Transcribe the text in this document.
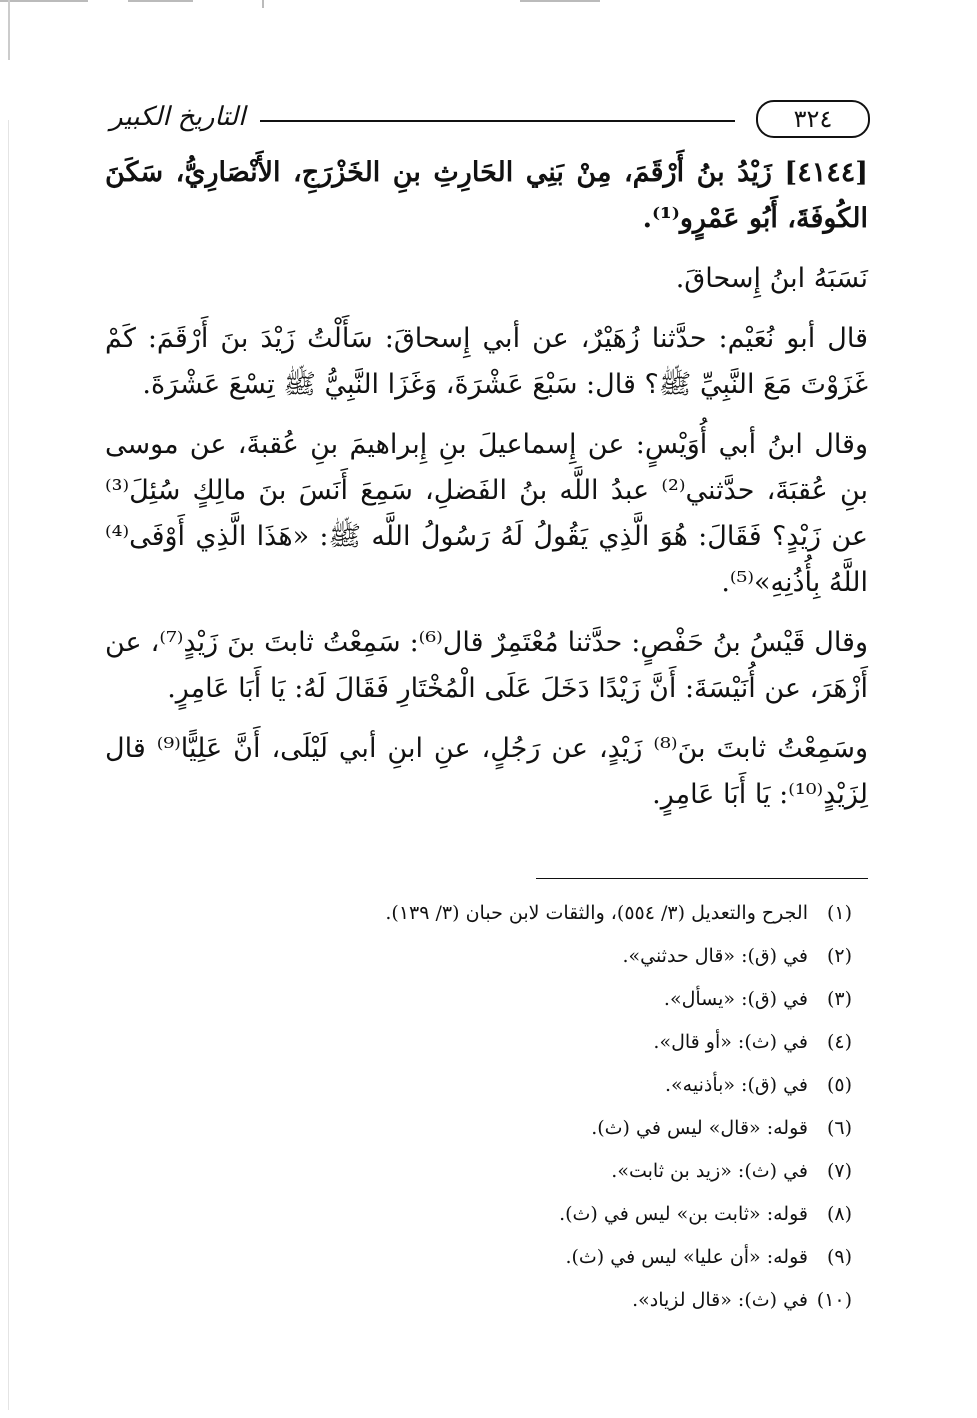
التاريخ الكبير	٣٢٤

[٤١٤٤] زَيْدُ بنُ أَرْقَمَ، مِنْ بَنِي الحَارِثِ بنِ الخَزْرَجِ، الأَنْصَارِيُّ، سَكَنَ الكُوفَةَ، أَبُو عَمْرٍو⁽¹⁾.

نَسَبَهُ ابنُ إِسحاقَ.

قال أبو نُعَيْم: حدَّثنا زُهَيْرٌ، عن أبي إِسحاقَ: سَأَلْتُ زَيْدَ بنَ أَرْقَمَ: كَمْ غَزَوْتَ مَعَ النَّبِيِّ ﷺ؟ قال: سَبْعَ عَشْرَةَ، وَغَزَا النَّبِيُّ ﷺ تِسْعَ عَشْرَةَ.

وقال ابنُ أبي أُوَيْسٍ: عن إِسماعيلَ بنِ إِبراهيمَ بنِ عُقبةَ، عن موسى بنِ عُقبَةَ، حدَّثني⁽²⁾ عبدُ اللَّه بنُ الفَضلِ، سَمِعَ أَنَسَ بنَ مالِكٍ سُئِلَ⁽³⁾ عن زَيْدٍ؟ فَقَالَ: هُوَ الَّذِي يَقُولُ لَهُ رَسُولُ اللَّه ﷺ: «هَذَا الَّذِي أَوْفَى⁽⁴⁾ اللَّهُ بِأُذُنِهِ»⁽⁵⁾.

وقال قَيْسُ بنُ حَفْصٍ: حدَّثنا مُعْتَمِرٌ قال⁽⁶⁾: سَمِعْتُ ثابتَ بنَ زَيْدٍ⁽⁷⁾، عن أَزْهَرَ، عن أُنَيْسَةَ: أَنَّ زَيْدًا دَخَلَ عَلَى الْمُخْتَارِ فَقَالَ لَهُ: يَا أَبَا عَامِرٍ.

وسَمِعْتُ ثابتَ بنَ⁽⁸⁾ زَيْدٍ، عن رَجُلٍ، عنِ ابنِ أبي لَيْلَى، أَنَّ عَلِيًّا⁽⁹⁾ قال لِزَيْدٍ⁽¹⁰⁾: يَا أَبَا عَامِرٍ.

(١)الجرح والتعديل (٣/ ٥٥٤)، والثقات لابن حبان (٣/ ١٣٩).
(٢)في (ق): «قال حدثني».
(٣)في (ق): «يسأل».
(٤)في (ث): «أو قال».
(٥)في (ق): «بأذنيه».
(٦)قوله: «قال» ليس في (ث).
(٧)في (ث): «زيد بن ثابت».
(٨)قوله: «ثابت بن» ليس في (ث).
(٩)قوله: «أن عليا» ليس في (ث).
(١٠)في (ث): «قال لزياد».
